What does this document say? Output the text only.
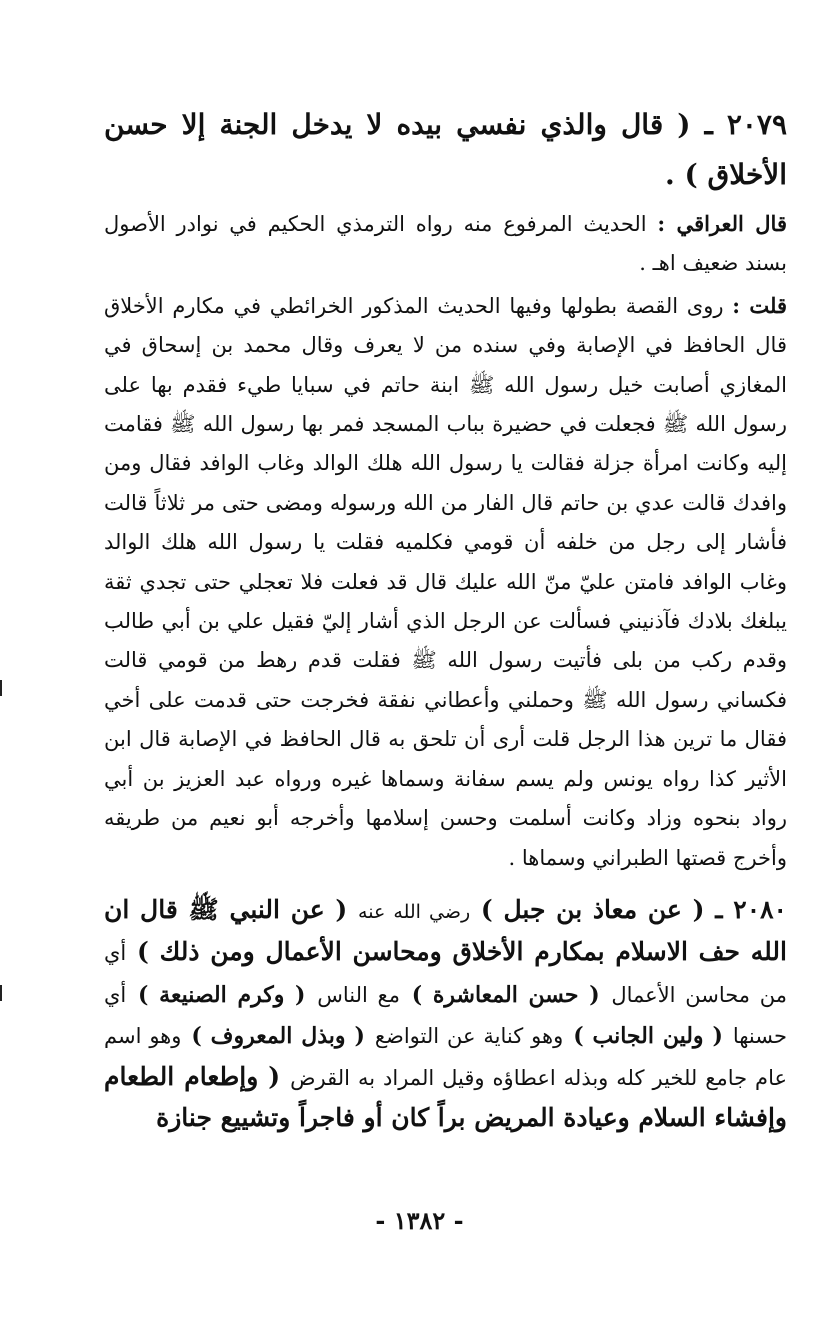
٢٠٧٩ ـ ( قال والذي نفسي بيده لا يدخل الجنة إلا حسن الأخلاق ) .

قال العراقي : الحديث المرفوع منه رواه الترمذي الحكيم في نوادر الأصول بسند ضعيف اهـ .

قلت : روى القصة بطولها وفيها الحديث المذكور الخرائطي في مكارم الأخلاق قال الحافظ في الإصابة وفي سنده من لا يعرف وقال محمد بن إسحاق في المغازي أصابت خيل رسول الله ﷺ ابنة حاتم في سبايا طيء فقدم بها على رسول الله ﷺ فجعلت في حضيرة بباب المسجد فمر بها رسول الله ﷺ فقامت إليه وكانت امرأة جزلة فقالت يا رسول الله هلك الوالد وغاب الوافد فقال ومن وافدك قالت عدي بن حاتم قال الفار من الله ورسوله ومضى حتى مر ثلاثاً قالت فأشار إلى رجل من خلفه أن قومي فكلميه فقلت يا رسول الله هلك الوالد وغاب الوافد فامتن عليّ منّ الله عليك قال قد فعلت فلا تعجلي حتى تجدي ثقة يبلغك بلادك فآذنيني فسألت عن الرجل الذي أشار إليّ فقيل علي بن أبي طالب وقدم ركب من بلى فأتيت رسول الله ﷺ فقلت قدم رهط من قومي قالت فكساني رسول الله ﷺ وحملني وأعطاني نفقة فخرجت حتى قدمت على أخي فقال ما ترين هذا الرجل قلت أرى أن تلحق به قال الحافظ في الإصابة قال ابن الأثير كذا رواه يونس ولم يسم سفانة وسماها غيره ورواه عبد العزيز بن أبي رواد بنحوه وزاد وكانت أسلمت وحسن إسلامها وأخرجه أبو نعيم من طريقه وأخرج قصتها الطبراني وسماها .

٢٠٨٠ ـ ( عن معاذ بن جبل ) رضي الله عنه ( عن النبي ﷺ قال ان الله حف الاسلام بمكارم الأخلاق ومحاسن الأعمال ومن ذلك ) أي من محاسن الأعمال ( حسن المعاشرة ) مع الناس ( وكرم الصنيعة ) أي حسنها ( ولين الجانب ) وهو كناية عن التواضع ( وبذل المعروف ) وهو اسم عام جامع للخير كله وبذله اعطاؤه وقيل المراد به القرض ( وإطعام الطعام وإفشاء السلام وعيادة المريض براً كان أو فاجراً وتشييع جنازة

- ١٣٨٢ -
